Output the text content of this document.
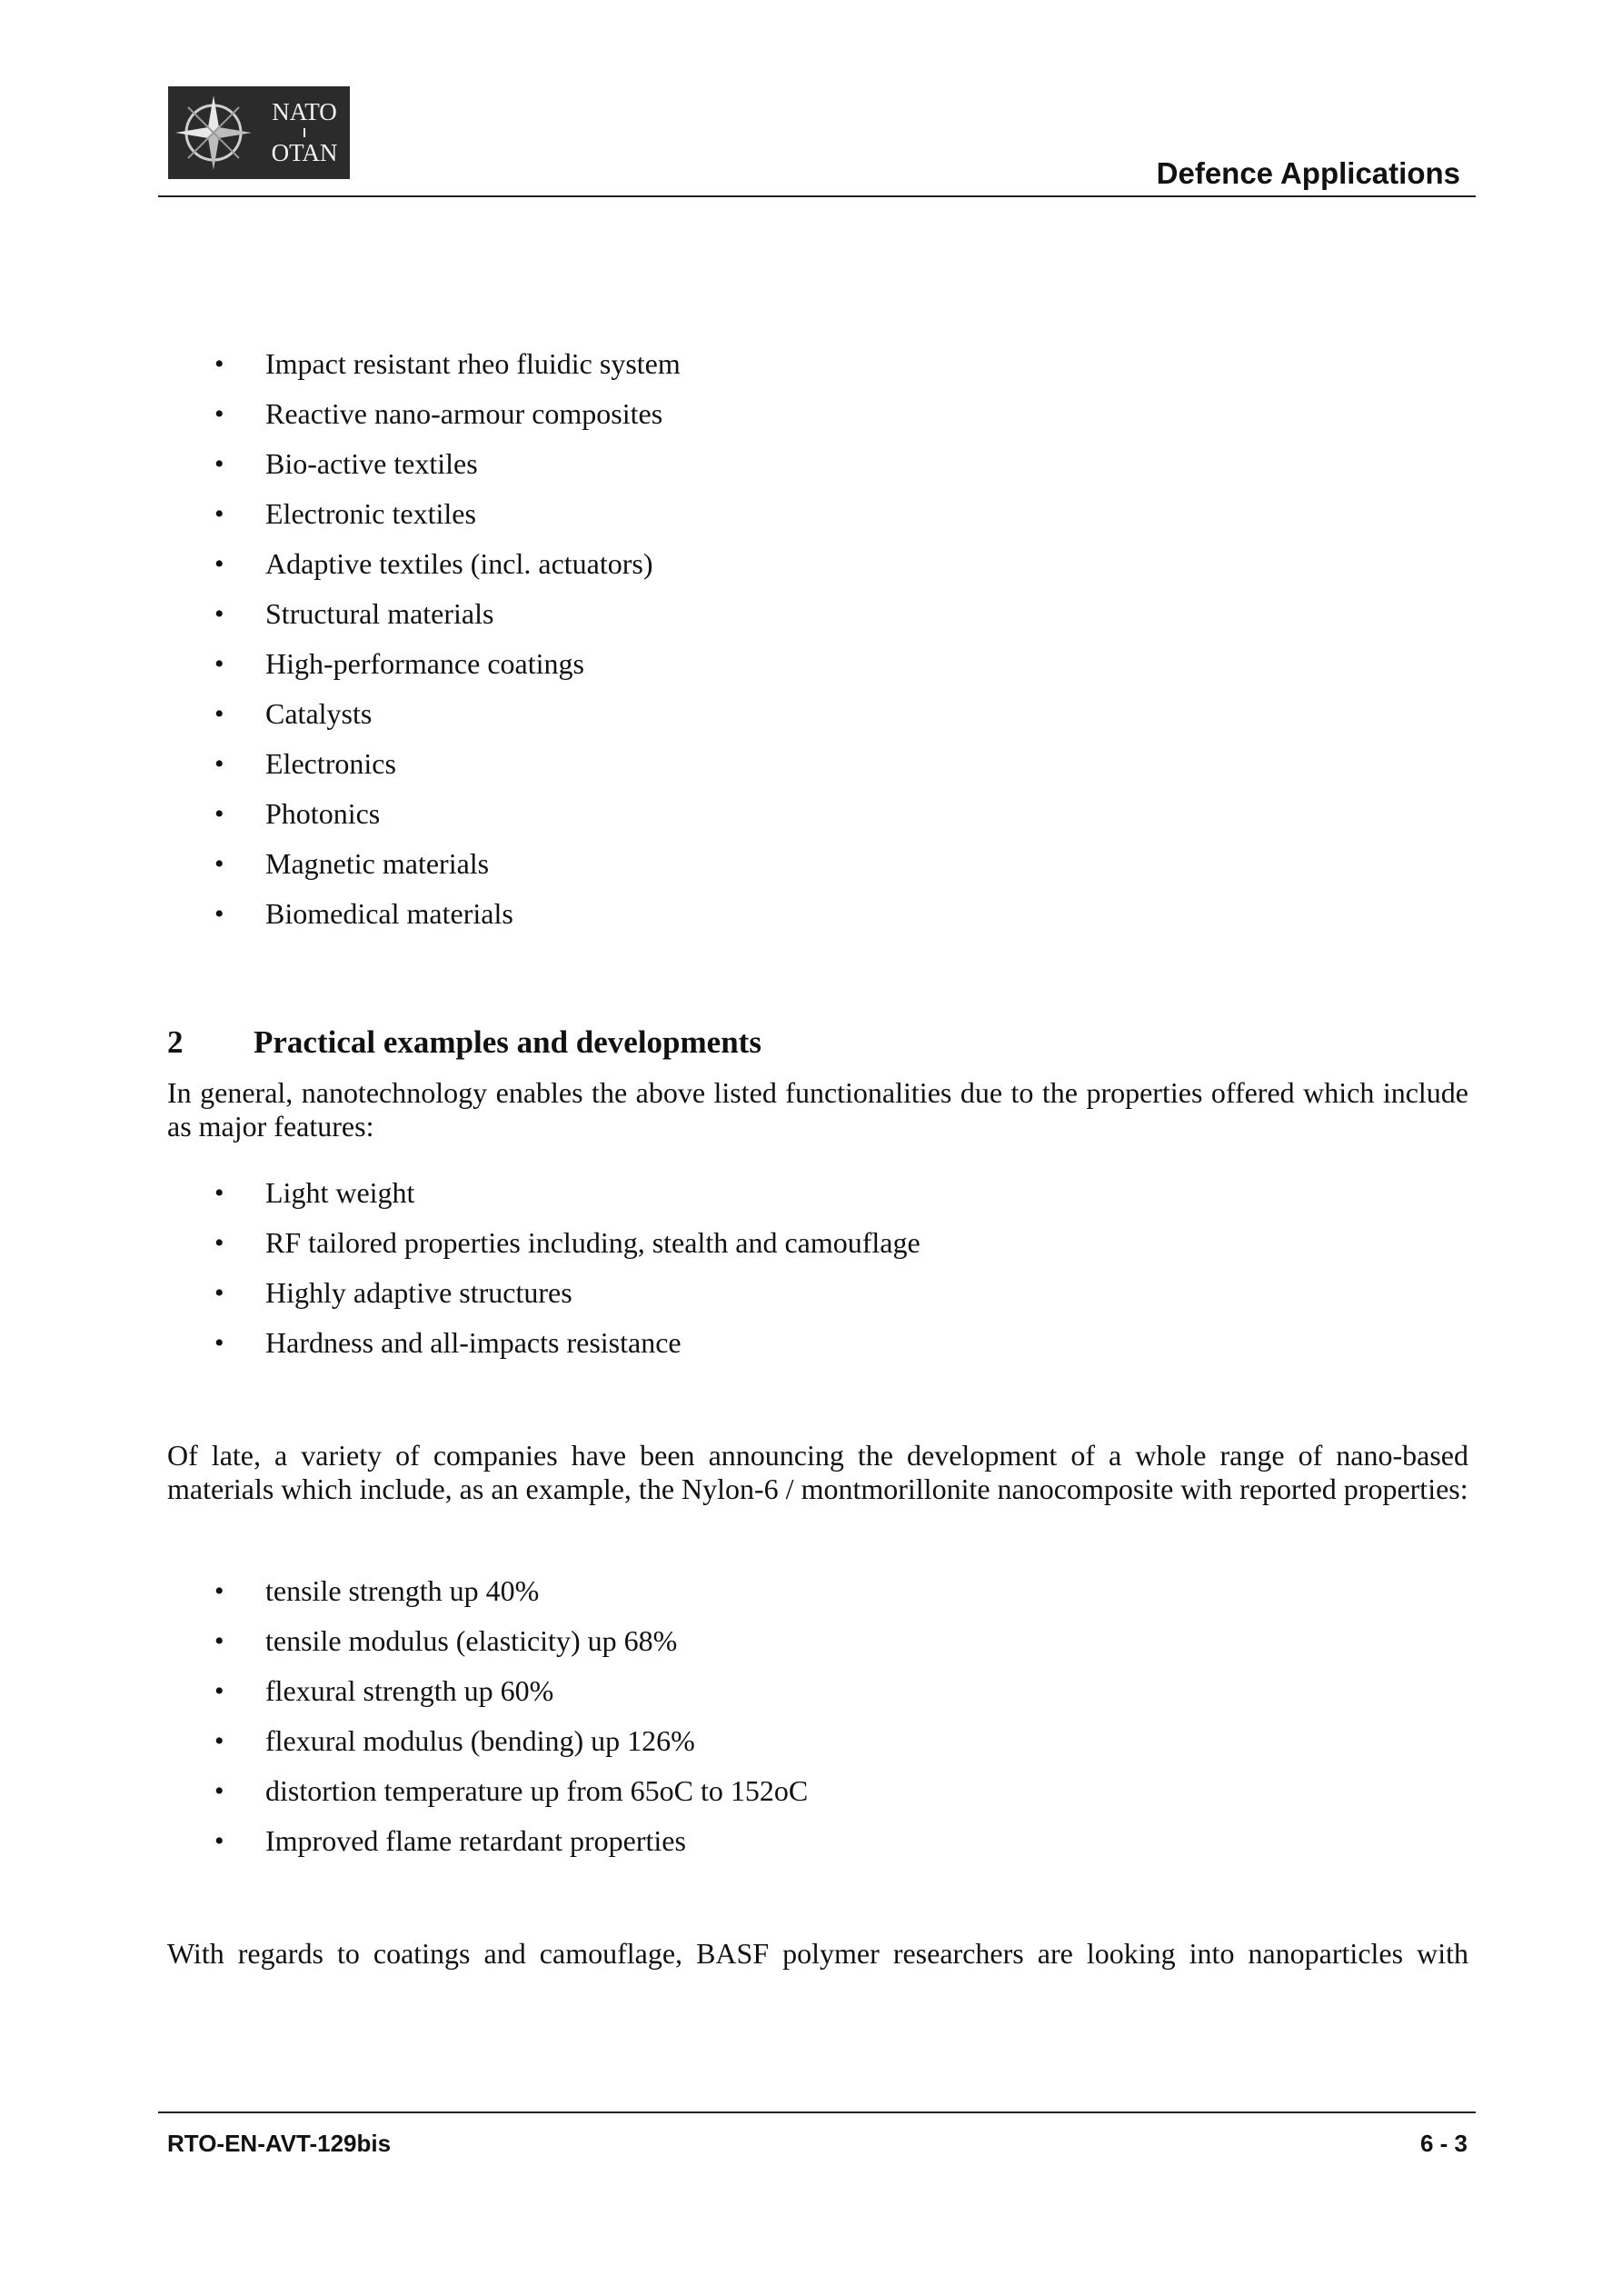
NATO
OTAN
Defence Applications
• Impact resistant rheo fluidic system
• Reactive nano-armour composites
• Bio-active textiles
• Electronic textiles
• Adaptive textiles (incl. actuators)
• Structural materials
• High-performance coatings
• Catalysts
• Electronics
• Photonics
• Magnetic materials
• Biomedical materials
2 Practical examples and developments
In general, nanotechnology enables the above listed functionalities due to the properties offered which include as major features:
• Light weight
• RF tailored properties including, stealth and camouflage
• Highly adaptive structures
• Hardness and all-impacts resistance
Of late, a variety of companies have been announcing the development of a whole range of nano-based materials which include, as an example, the Nylon-6 / montmorillonite nanocomposite with reported properties:
• tensile strength up 40%
• tensile modulus (elasticity) up 68%
• flexural strength up 60%
• flexural modulus (bending) up 126%
• distortion temperature up from 65oC to 152oC
• Improved flame retardant properties
With regards to coatings and camouflage, BASF polymer researchers are looking into nanoparticles with
RTO-EN-AVT-129bis	6 - 3
